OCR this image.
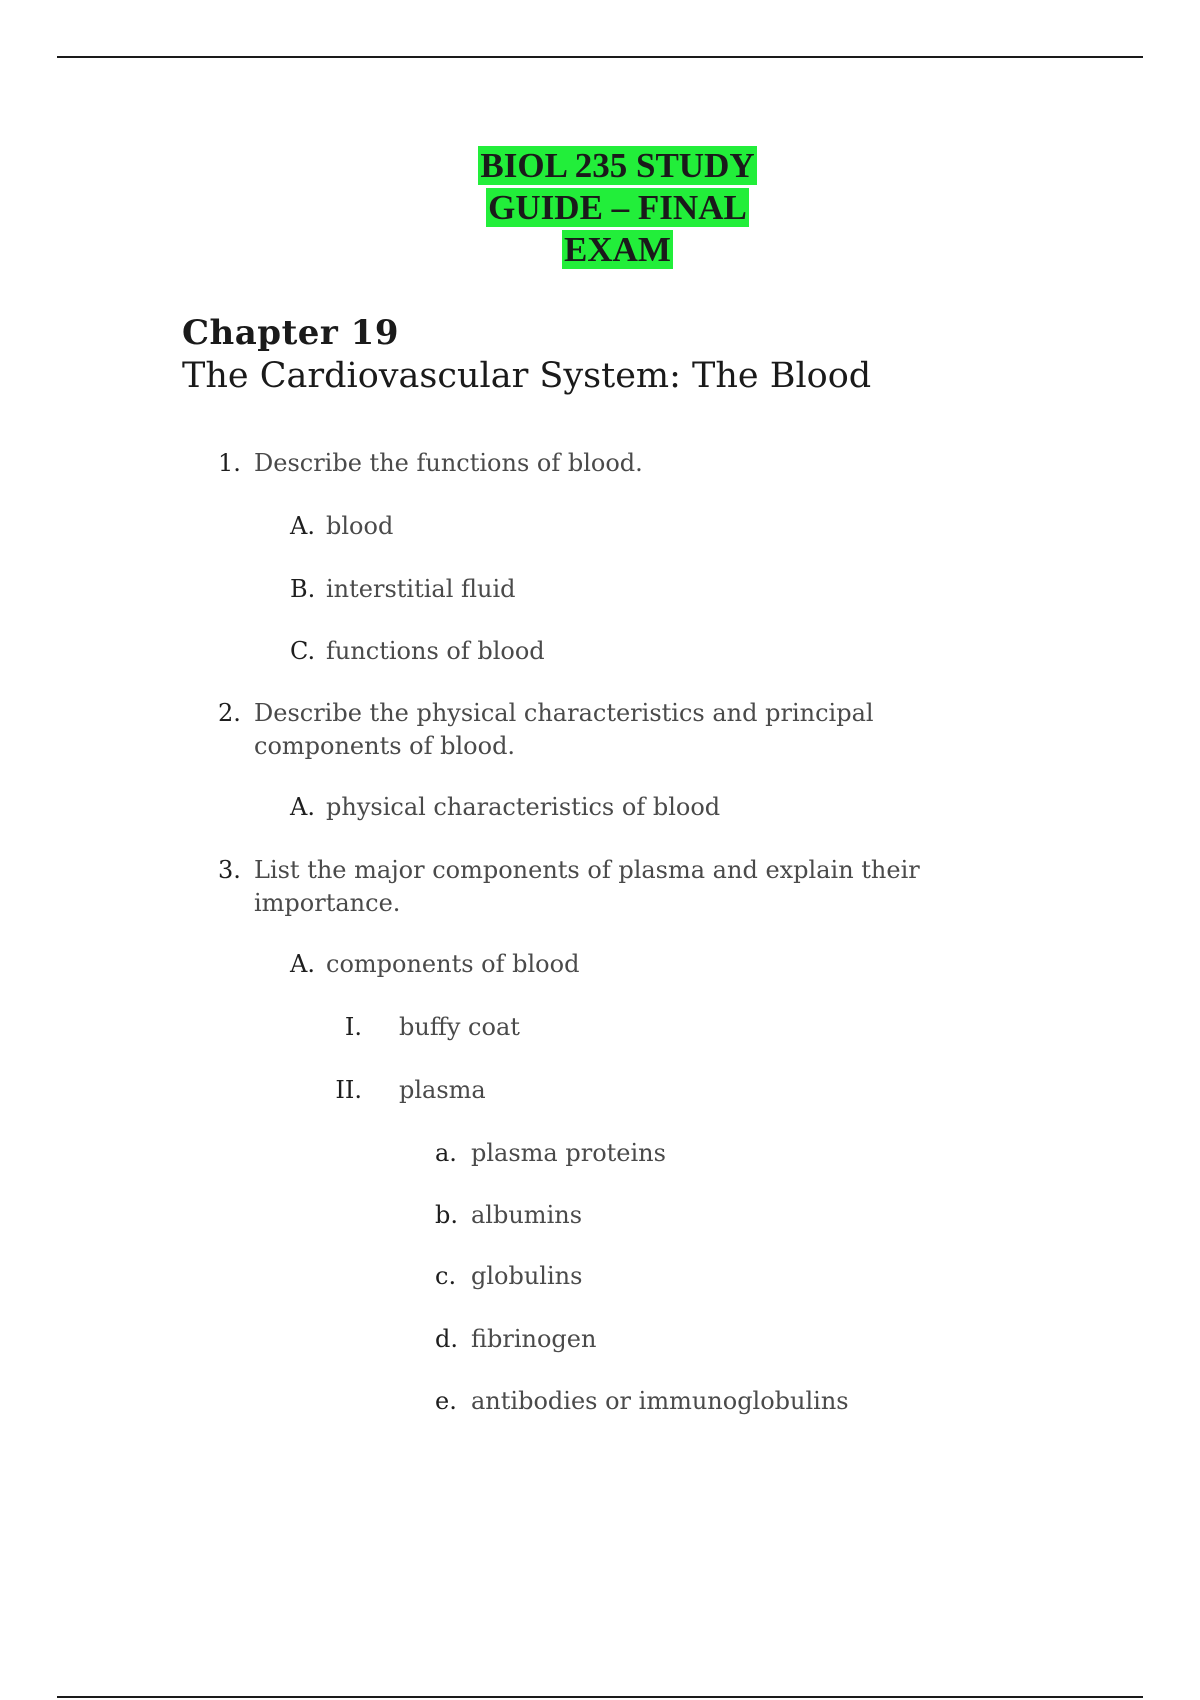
BIOL 235 STUDY
GUIDE – FINAL
EXAM
Chapter 19
The Cardiovascular System: The Blood
1. Describe the functions of blood.
A. blood
B. interstitial fluid
C. functions of blood
2. Describe the physical characteristics and principal components of blood.
A. physical characteristics of blood
3. List the major components of plasma and explain their importance.
A. components of blood
I. buffy coat
II. plasma
a. plasma proteins
b. albumins
c. globulins
d. fibrinogen
e. antibodies or immunoglobulins
